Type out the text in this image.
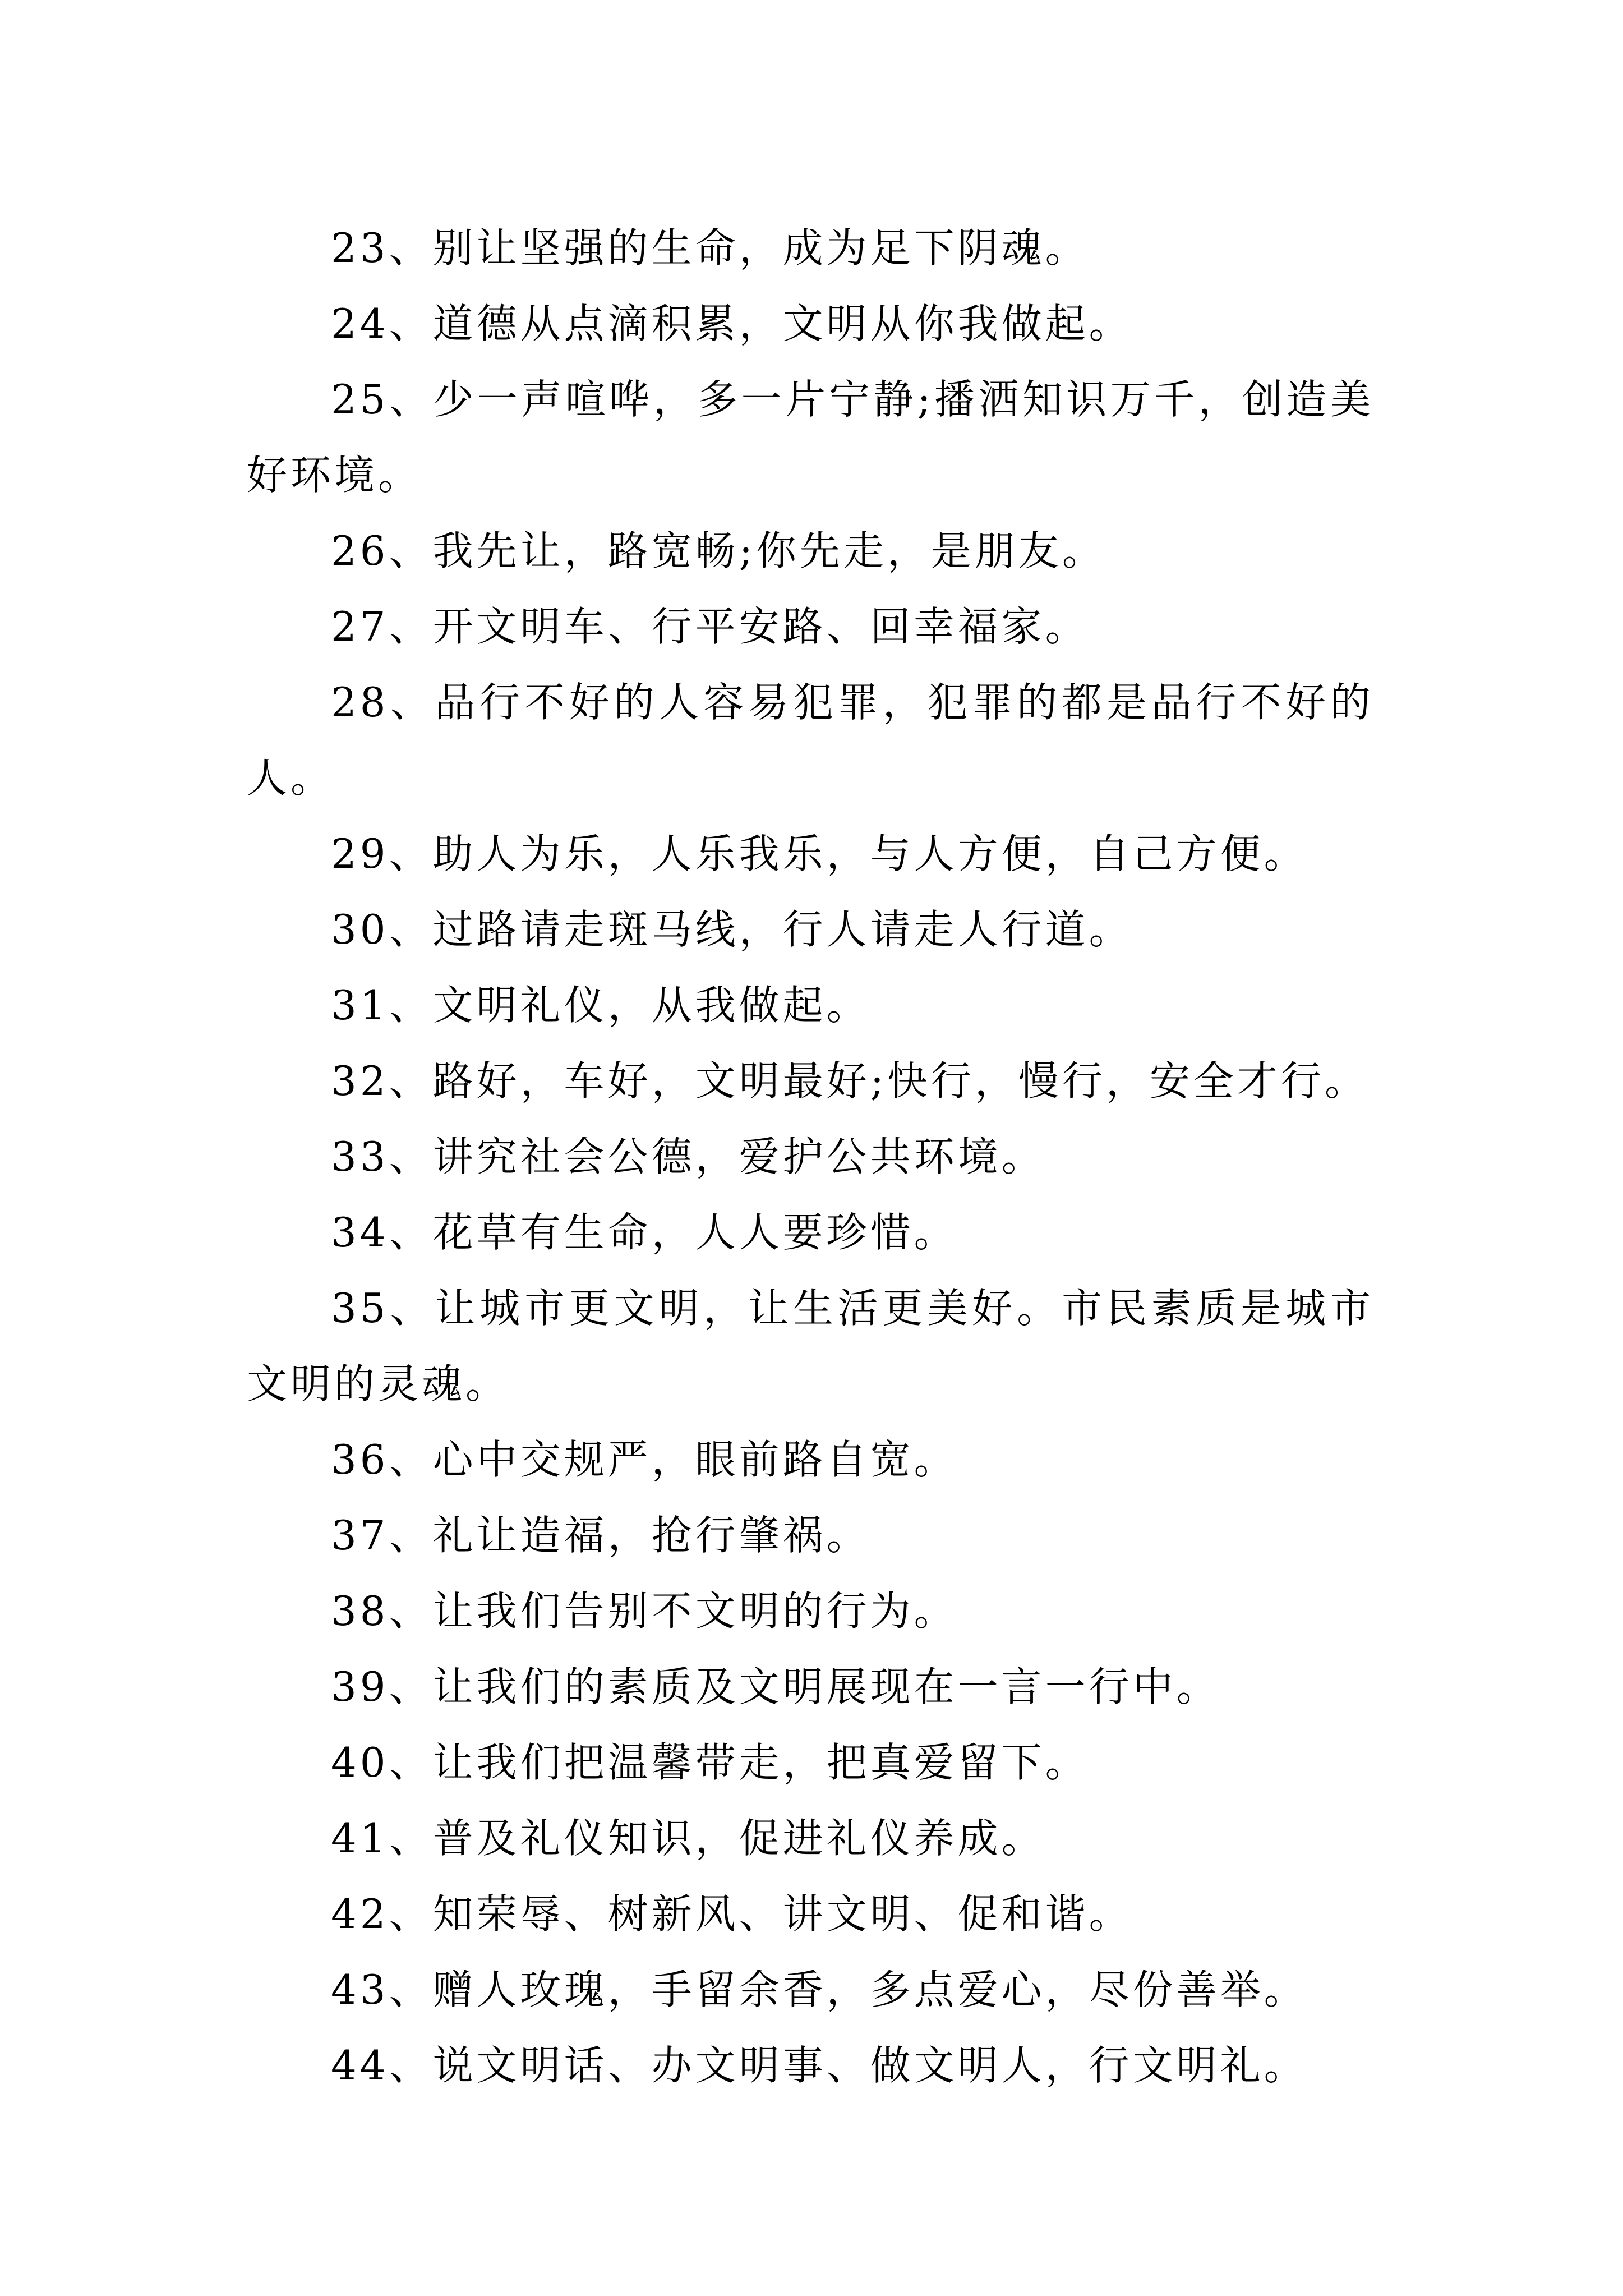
23、别让坚强的生命，成为足下阴魂。

24、道德从点滴积累，文明从你我做起。

25、少一声喧哗，多一片宁静;播洒知识万千，创造美好环境。

26、我先让，路宽畅;你先走，是朋友。

27、开文明车、行平安路、回幸福家。

28、品行不好的人容易犯罪，犯罪的都是品行不好的人。

29、助人为乐，人乐我乐，与人方便，自己方便。

30、过路请走斑马线，行人请走人行道。

31、文明礼仪，从我做起。

32、路好，车好，文明最好;快行，慢行，安全才行。

33、讲究社会公德，爱护公共环境。

34、花草有生命，人人要珍惜。

35、让城市更文明，让生活更美好。市民素质是城市文明的灵魂。

36、心中交规严，眼前路自宽。

37、礼让造福，抢行肇祸。

38、让我们告别不文明的行为。

39、让我们的素质及文明展现在一言一行中。

40、让我们把温馨带走，把真爱留下。

41、普及礼仪知识，促进礼仪养成。

42、知荣辱、树新风、讲文明、促和谐。

43、赠人玫瑰，手留余香，多点爱心，尽份善举。

44、说文明话、办文明事、做文明人，行文明礼。
